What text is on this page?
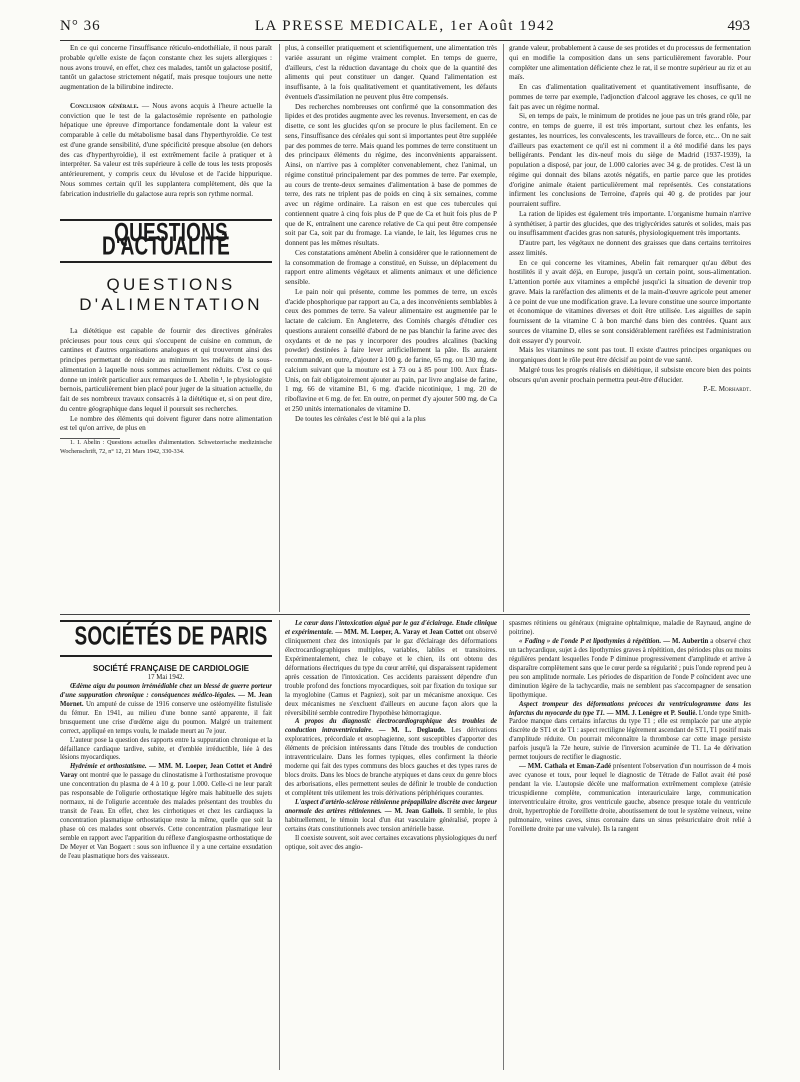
N° 36	LA PRESSE MEDICALE, 1er Août 1942	493

En ce qui concerne l'insuffisance réticulo-endothéliale, il nous paraît probable qu'elle existe de façon constante chez les sujets allergiques : nous avons trouvé, en effet, chez ces malades, tantôt un galactose positif, tantôt un galactose strictement négatif, mais presque toujours une nette augmentation de la bilirubine indirecte.

Conclusion générale. — Nous avons acquis à l'heure actuelle la conviction que le test de la galactosémie représente en pathologie hépatique une épreuve d'importance fondamentale dont la valeur est comparable à celle du métabolisme basal dans l'hyperthyroïdie. Ce test est d'une grande sensibilité, d'une spécificité presque absolue (en dehors des cas d'hyperthyroïdie), il est extrêmement facile à pratiquer et à interpréter. Sa valeur est très supérieure à celle de tous les tests proposés antérieurement, y compris ceux du lévulose et de l'acide hippurique. Nous sommes certain qu'il les supplantera complètement, dès que la fabrication industrielle du galactose aura repris son rythme normal.

QUESTIONS D'ACTUALITÉ

QUESTIONS

D'ALIMENTATION

La diététique est capable de fournir des directives générales précieuses pour tous ceux qui s'occupent de cuisine en commun, de cantines et d'autres organisations analogues et qui trouveront ainsi des principes permettant de réduire au minimum les méfaits de la sous-alimentation à laquelle nous sommes actuellement réduits. C'est ce qui donne un intérêt particulier aux remarques de I. Abelin ¹, le physiologiste bernois, particulièrement bien placé pour juger de la situation actuelle, du fait de ses nombreux travaux consacrés à la diététique et, si on peut dire, du centre géographique dans lequel il poursuit ses recherches.

Le nombre des éléments qui doivent figurer dans notre alimentation est tel qu'on arrive, de plus en

1. I. Abelin : Questions actuelles d'alimentation. Schweizerische medizinische Wochenschrift, 72, n° 12, 21 Mars 1942, 330-334.

plus, à conseiller pratiquement et scientifiquement, une alimentation très variée assurant un régime vraiment complet. En temps de guerre, d'ailleurs, c'est la réduction davantage du choix que de la quantité des aliments qui peut constituer un danger. Quand l'alimentation est insuffisante, à la fois qualitativement et quantitativement, les défauts éventuels d'assimilation ne peuvent plus être compensés.

Des recherches nombreuses ont confirmé que la consommation des lipides et des protides augmente avec les revenus. Inversement, en cas de disette, ce sont les glucides qu'on se procure le plus facilement. En ce sens, l'insuffisance des céréales qui sont si importantes peut être suppléée par des pommes de terre. Mais quand les pommes de terre constituent un des principaux éléments du régime, des inconvénients apparaissent. Ainsi, on n'arrive pas à compléter convenablement, chez l'animal, un régime constitué principalement par des pommes de terre. Par exemple, au cours de trente-deux semaines d'alimentation à base de pommes de terre, des rats ne triplent pas de poids en cinq à six semaines, comme avec un régime ordinaire. La raison en est que ces tubercules qui contiennent quatre à cinq fois plus de P que de Ca et huit fois plus de P que de K, entraînent une carence relative de Ca qui peut être compensée soit par Ca, soit par du fromage. La viande, le lait, les légumes crus ne donnent pas les mêmes résultats.

Ces constatations amènent Abelin à considérer que le rationnement de la consommation de fromage a constitué, en Suisse, un déplacement du rapport entre aliments végétaux et aliments animaux et une déficience sensible.

Le pain noir qui présente, comme les pommes de terre, un excès d'acide phosphorique par rapport au Ca, a des inconvénients semblables à ceux des pommes de terre. Sa valeur alimentaire est augmentée par le lactate de calcium. En Angleterre, des Comités chargés d'étudier ces questions auraient conseillé d'abord de ne pas blanchir la farine avec des oxydants et de ne pas y incorporer des poudres alcalines (backing powder) destinées à faire lever artificiellement la pâte. Ils auraient recommandé, en outre, d'ajouter à 100 g. de farine, 65 mg. ou 130 mg. de calcium suivant que la mouture est à 73 ou à 85 pour 100. Aux États-Unis, on fait obligatoirement ajouter au pain, par livre anglaise de farine, 1 mg. 66 de vitamine B1, 6 mg. d'acide nicotinique, 1 mg. 20 de riboflavine et 6 mg. de fer. En outre, on permet d'y ajouter 500 mg. de Ca et 250 unités internationales de vitamine D.

De toutes les céréales c'est le blé qui a la plus

grande valeur, probablement à cause de ses protides et du processus de fermentation qui en modifie la composition dans un sens particulièrement favorable. Pour compléter une alimentation déficiente chez le rat, il se montre supérieur au riz et au maïs.

En cas d'alimentation qualitativement et quantitativement insuffisante, de pommes de terre par exemple, l'adjonction d'alcool aggrave les choses, ce qu'il ne fait pas avec un régime normal.

Si, en temps de paix, le minimum de protides ne joue pas un très grand rôle, par contre, en temps de guerre, il est très important, surtout chez les enfants, les gestantes, les nourrices, les convalescents, les travailleurs de force, etc... On ne sait d'ailleurs pas exactement ce qu'il est ni comment il a été modifié dans les pays belligérants. Pendant les dix-neuf mois du siège de Madrid (1937-1939), la population a disposé, par jour, de 1.000 calories avec 34 g. de protides. C'est là un régime qui donnait des bilans azotés négatifs, en partie parce que les protides d'origine animale étaient particulièrement mal représentés. Ces constatations infirment les conclusions de Terroine, d'après qui 40 g. de protides par jour pourraient suffire.

La ration de lipides est également très importante. L'organisme humain n'arrive à synthétiser, à partir des glucides, que des triglycérides saturés et solides, mais pas ou insuffisamment d'acides gras non saturés, physiologiquement très importants.

D'autre part, les végétaux ne donnent des graisses que dans certains territoires assez limités.

En ce qui concerne les vitamines, Abelin fait remarquer qu'au début des hostilités il y avait déjà, en Europe, jusqu'à un certain point, sous-alimentation. L'attention portée aux vitamines a empêché jusqu'ici la situation de devenir trop grave. Mais la raréfaction des aliments et de la main-d'œuvre agricole peut amener à ce point de vue une modification grave. La levure constitue une source importante et économique de vitamines diverses et doit être utilisée. Les aiguilles de sapin fournissent de la vitamine C à bon marché dans bien des contrées. Quant aux sources de vitamine D, elles se sont considérablement raréfiées est l'administration doit essayer d'y pourvoir.

Mais les vitamines ne sont pas tout. Il existe d'autres principes organiques ou inorganiques dont le rôle peut être décisif au point de vue santé.

Malgré tous les progrès réalisés en diététique, il subsiste encore bien des points obscurs qu'un avenir prochain permettra peut-être d'élucider.

P.-E. Morhardt.

SOCIÉTÉS DE PARIS

SOCIÉTÉ FRANÇAISE DE CARDIOLOGIE

17 Mai 1942.

Œdème aigu du poumon irrémédiable chez un blessé de guerre porteur d'une suppuration chronique : conséquences médico-légales. — M. Jean Mornet. Un amputé de cuisse de 1916 conserve une ostéomyélite fistulisée du fémur. En 1941, au milieu d'une bonne santé apparente, il fait brusquement une crise d'œdème aigu du poumon. Malgré un traitement correct, appliqué en temps voulu, le malade meurt au 7e jour.

L'auteur pose la question des rapports entre la suppuration chronique et la défaillance cardiaque tardive, subite, et d'emblée irréductible, liée à des lésions myocardiques.

Hydrémie et orthostatisme. — MM. M. Loeper, Jean Cottet et André Varay ont montré que le passage du clinostatisme à l'orthostatisme provoque une concentration du plasma de 4 à 10 g. pour 1.000. Celle-ci ne leur paraît pas responsable de l'oligurie orthostatique légère mais habituelle des sujets normaux, ni de l'oligurie accentuée des malades présentant des troubles du transit de l'eau. En effet, chez les cirrhotiques et chez les cardiaques la concentration plasmatique orthostatique reste la même, quelle que soit la phase où ces malades sont observés. Cette concentration plasmatique leur semble en rapport avec l'apparition du réflexe d'angiospasme orthostatique de De Meyer et Van Bogaert : sous son influence il y a une certaine exsudation de l'eau plasmatique hors des vaisseaux.

Le cœur dans l'intoxication aiguë par le gaz d'éclairage. Étude clinique et expérimentale. — MM. M. Loeper, A. Varay et Jean Cottet ont observé cliniquement chez des intoxiqués par le gaz d'éclairage des déformations électrocardiographiques multiples, variables, labiles et transitoires. Expérimentalement, chez le cobaye et le chien, ils ont obtenu des déformations électriques du type du cœur arrêté, qui disparaissent rapidement après cessation de l'intoxication. Ces accidents paraissent dépendre d'un trouble profond des fonctions myocardiques, soit par fixation du toxique sur la myoglobine (Camus et Pagniez), soit par un mécanisme anoxique. Ces deux mécanismes ne s'excluent d'ailleurs en aucune façon alors que la réversibilité semble contredire l'hypothèse hémorragique.

A propos du diagnostic électrocardiographique des troubles de conduction intraventriculaire. — M. L. Deglaude. Les dérivations exploratrices, précordiale et œsophagienne, sont susceptibles d'apporter des éléments de précision intéressants dans l'étude des troubles de conduction intraventriculaire. Dans les formes typiques, elles confirment la théorie moderne qui fait des types communs des blocs gauches et des types rares de blocs droits. Dans les blocs de branche atypiques et dans ceux du genre blocs des arborisations, elles permettent seules de définir le trouble de conduction et complètent très utilement les trois dérivations périphériques courantes.

L'aspect d'artério-sclérose rétinienne prépapillaire discrète avec largeur anormale des artères rétiniennes. — M. Jean Gallois. Il semble, le plus habituellement, le témoin local d'un état vasculaire généralisé, propre à certains états constitutionnels avec tension artérielle basse.

Il coexiste souvent, soit avec certaines excavations physiologiques du nerf optique, soit avec des angio-

spasmes rétiniens ou généraux (migraine ophtalmique, maladie de Raynaud, angine de poitrine).

« Fading » de l'onde P et lipothymies à répétition. — M. Aubertin a observé chez un tachycardique, sujet à des lipothymies graves à répétition, des périodes plus ou moins régulières pendant lesquelles l'onde P diminue progressivement d'amplitude et arrive à disparaître complètement sans que le cœur perde sa régularité ; puis l'onde reprend peu à peu son amplitude normale. Les périodes de disparition de l'onde P coïncident avec une diminution légère de la tachycardie, mais ne semblent pas s'accompagner de sensation lipothymique.

Aspect trompeur des déformations précoces du ventriculogramme dans les infarctus du myocarde du type T1. — MM. J. Lenègre et P. Soulié. L'onde type Smith-Pardoe manque dans certains infarctus du type T1 ; elle est remplacée par une atypie discrète de ST1 et de T1 : aspect rectiligne légèrement ascendant de ST1, T1 positif mais d'amplitude réduite. On pourrait méconnaître la thrombose car cette image persiste parfois jusqu'à la 72e heure, suivie de l'inversion acuminée de T1. La 4e dérivation permet toujours de rectifier le diagnostic.

— MM. Cathala et Eman-Zadé présentent l'observation d'un nourrisson de 4 mois avec cyanose et toux, pour lequel le diagnostic de Tétrade de Fallot avait été posé pendant la vie. L'autopsie décèle une malformation extrêmement complexe (atrésie tricuspidienne complète, communication interauriculaire large, communication interventriculaire étroite, gros ventricule gauche, absence presque totale du ventricule droit, hypertrophie de l'oreillette droite, aboutissement de tout le système veineux, veine pulmonaire, veines caves, sinus coronaire dans un sinus présuriculaire droit relié à l'oreillette droite par une valvule). Ils la rangent
